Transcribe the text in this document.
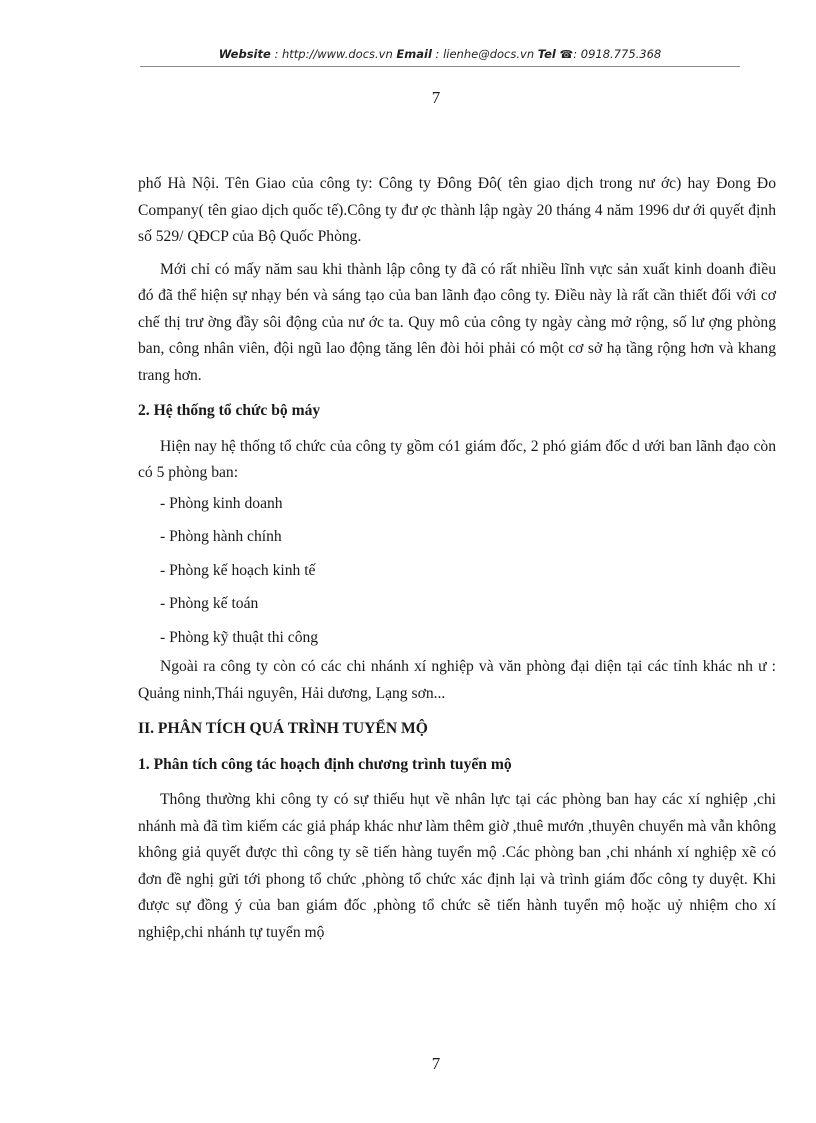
Website : http://www.docs.vn Email : lienhe@docs.vn Tel ☎: 0918.775.368
7

phố Hà Nội. Tên Giao của công ty: Công ty Đông Đô( tên giao dịch trong nư ớc) hay Đong Đo Company( tên giao dịch quốc tế).Công ty đư ợc thành lập ngày 20 tháng 4 năm 1996 dư ới quyết định số 529/ QĐCP của Bộ Quốc Phòng.

Mới chỉ có mấy năm sau khi thành lập công ty đã có rất nhiều lĩnh vực sản xuất kinh doanh điều đó đã thể hiện sự nhạy bén và sáng tạo của ban lãnh đạo công ty. Điều này là rất cần thiết đối với cơ chế thị trư ờng đầy sôi động của nư ớc ta. Quy mô của công ty ngày càng mở rộng, số lư ợng phòng ban, công nhân viên, đội ngũ lao động tăng lên đòi hỏi phải có một cơ sở hạ tầng rộng hơn và khang trang hơn.

2. Hệ thống tổ chức bộ máy

Hiện nay hệ thống tổ chức của công ty gồm có1 giám đốc, 2 phó giám đốc d ưới ban lãnh đạo còn có 5 phòng ban:

- Phòng kinh doanh
- Phòng hành chính
- Phòng kế hoạch kinh tế
- Phòng kế toán
- Phòng kỹ thuật thi công

Ngoài ra công ty còn có các chi nhánh xí nghiệp và văn phòng đại diện tại các tỉnh khác nh ư : Quảng ninh,Thái nguyên, Hải dương, Lạng sơn...

II. PHÂN TÍCH QUÁ TRÌNH TUYỂN MỘ

1. Phân tích công tác hoạch định chương trình tuyển mộ

Thông thường khi công ty có sự thiếu hụt về nhân lực tại các phòng ban hay các xí nghiệp ,chi nhánh mà đã tìm kiếm các giả pháp khác như làm thêm giờ ,thuê mướn ,thuyên chuyển mà vẫn không không giả quyết được thì công ty sẽ tiến hàng tuyển mộ .Các phòng ban ,chi nhánh xí nghiệp xẽ có đơn đề nghị gửi tới phong tổ chức ,phòng tổ chức xác định lại và trình giám đốc công ty duyệt. Khi được sự đồng ý của ban giám đốc ,phòng tổ chức sẽ tiến hành tuyển mộ hoặc uỷ nhiệm cho xí nghiệp,chi nhánh tự tuyển mộ

7
